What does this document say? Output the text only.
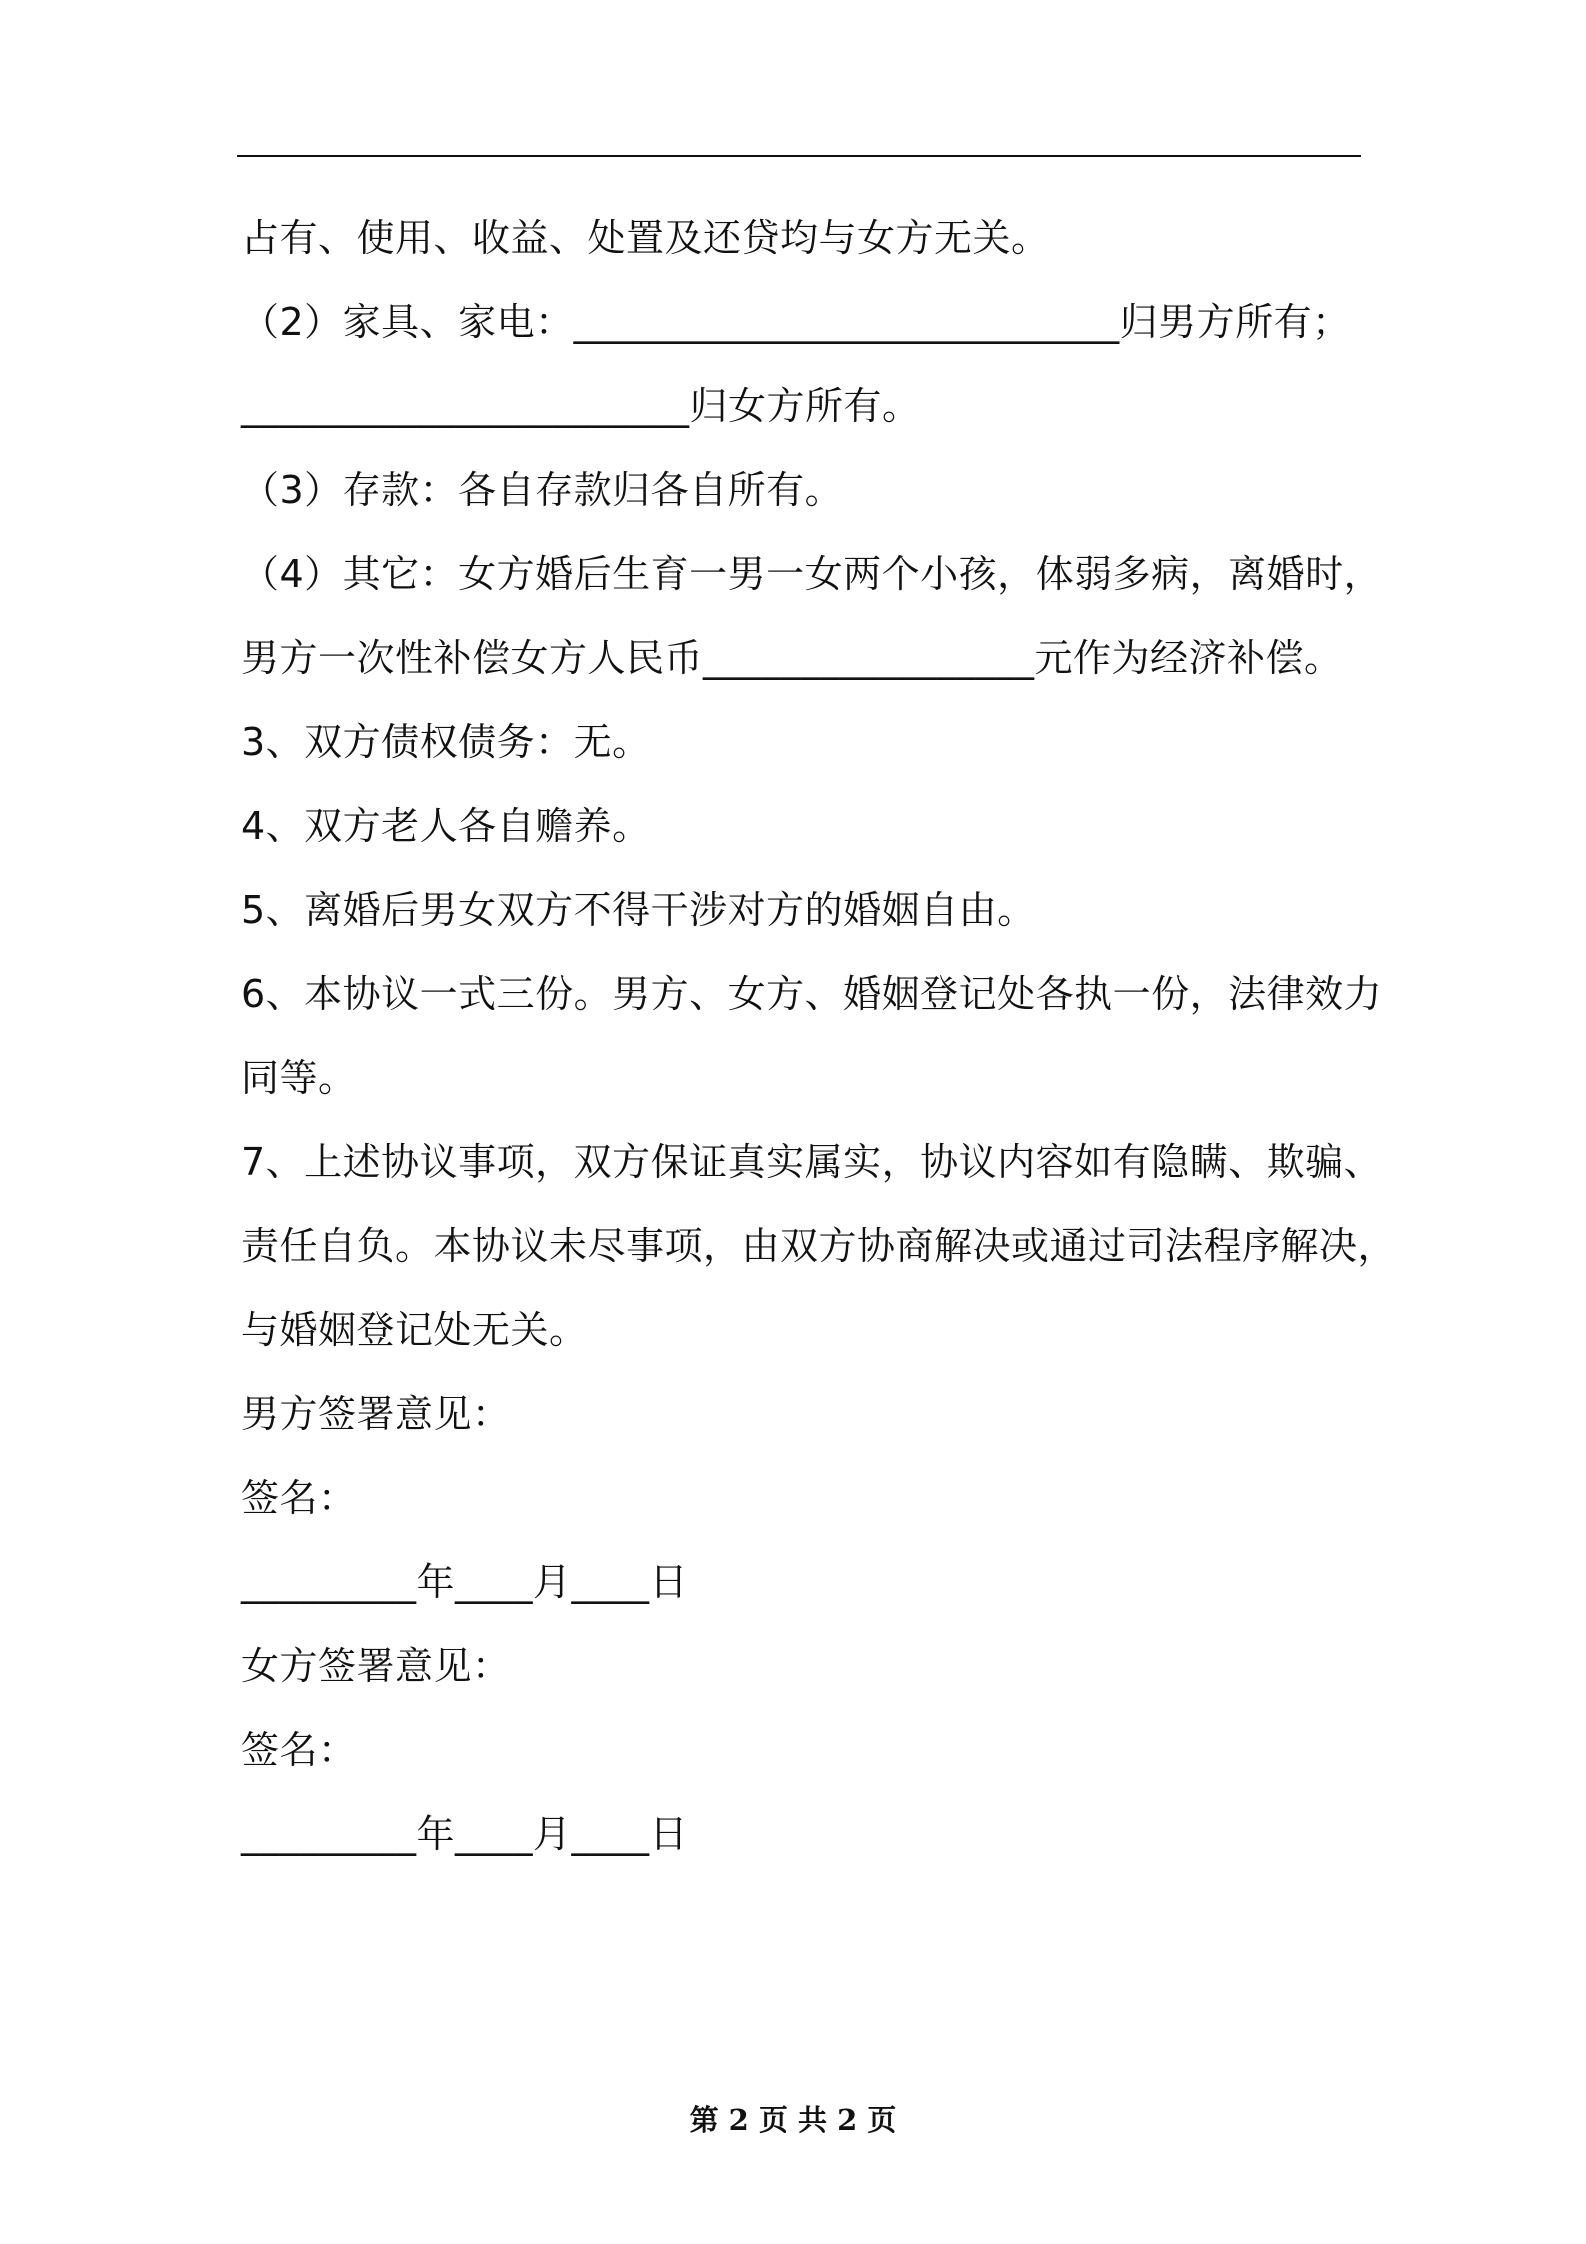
占有、使用、收益、处置及还贷均与女方无关。
（2）家具、家电：____________________________归男方所有；
_______________________归女方所有。
（3）存款：各自存款归各自所有。
（4）其它：女方婚后生育一男一女两个小孩，体弱多病，离婚时，
男方一次性补偿女方人民币_________________元作为经济补偿。
3、双方债权债务：无。
4、双方老人各自赡养。
5、离婚后男女双方不得干涉对方的婚姻自由。
6、本协议一式三份。男方、女方、婚姻登记处各执一份，法律效力
同等。
7、上述协议事项，双方保证真实属实，协议内容如有隐瞒、欺骗、
责任自负。本协议未尽事项，由双方协商解决或通过司法程序解决，
与婚姻登记处无关。
男方签署意见：
签名：
_________年____月____日
女方签署意见：
签名：
_________年____月____日
第 2 页 共 2 页
